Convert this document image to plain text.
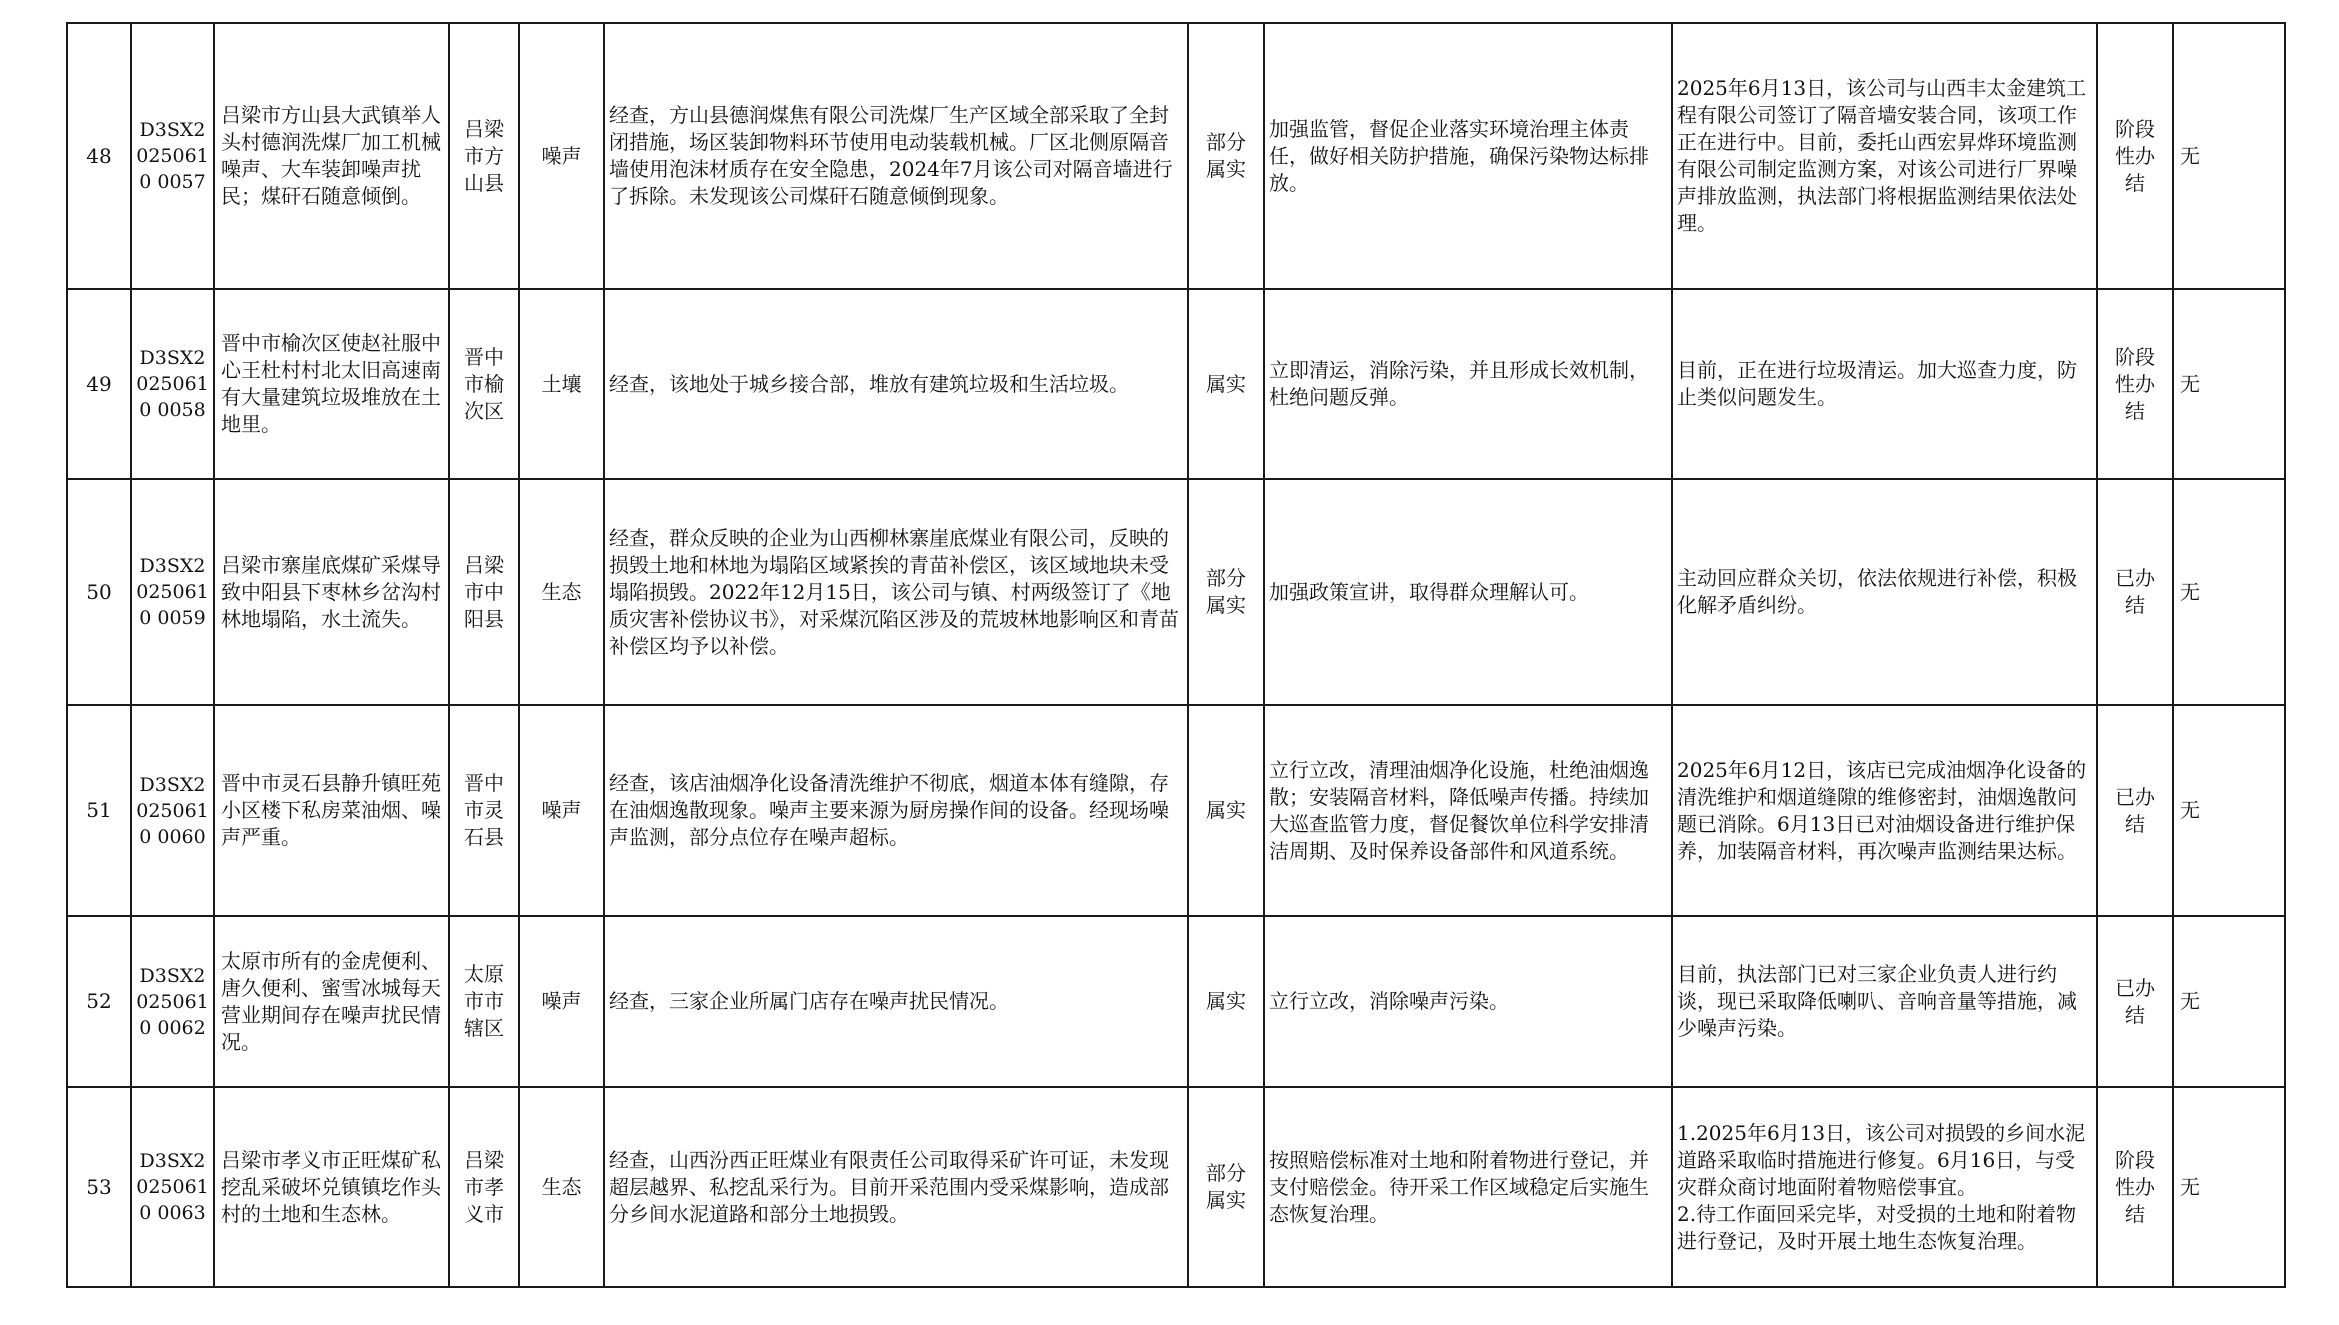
48	D3SX20250610 0057	吕梁市方山县大武镇举人头村德润洗煤厂加工机械噪声、大车装卸噪声扰民；煤矸石随意倾倒。	吕梁市方山县	噪声	经查，方山县德润煤焦有限公司洗煤厂生产区域全部采取了全封闭措施，场区装卸物料环节使用电动装载机械。厂区北侧原隔音墙使用泡沫材质存在安全隐患，2024年7月该公司对隔音墙进行了拆除。未发现该公司煤矸石随意倾倒现象。	部分属实	加强监管，督促企业落实环境治理主体责任，做好相关防护措施，确保污染物达标排放。	2025年6月13日，该公司与山西丰太金建筑工程有限公司签订了隔音墙安装合同，该项工作正在进行中。目前，委托山西宏昇烨环境监测有限公司制定监测方案，对该公司进行厂界噪声排放监测，执法部门将根据监测结果依法处理。	阶段性办结	无
49	D3SX20250610 0058	晋中市榆次区使赵社服中心王杜村村北太旧高速南有大量建筑垃圾堆放在土地里。	晋中市榆次区	土壤	经查，该地处于城乡接合部，堆放有建筑垃圾和生活垃圾。	属实	立即清运，消除污染，并且形成长效机制，杜绝问题反弹。	目前，正在进行垃圾清运。加大巡查力度，防止类似问题发生。	阶段性办结	无
50	D3SX20250610 0059	吕梁市寨崖底煤矿采煤导致中阳县下枣林乡岔沟村林地塌陷，水土流失。	吕梁市中阳县	生态	经查，群众反映的企业为山西柳林寨崖底煤业有限公司，反映的损毁土地和林地为塌陷区域紧挨的青苗补偿区，该区域地块未受塌陷损毁。2022年12月15日，该公司与镇、村两级签订了《地质灾害补偿协议书》，对采煤沉陷区涉及的荒坡林地影响区和青苗补偿区均予以补偿。	部分属实	加强政策宣讲，取得群众理解认可。	主动回应群众关切，依法依规进行补偿，积极化解矛盾纠纷。	已办结	无
51	D3SX20250610 0060	晋中市灵石县静升镇旺苑小区楼下私房菜油烟、噪声严重。	晋中市灵石县	噪声	经查，该店油烟净化设备清洗维护不彻底，烟道本体有缝隙，存在油烟逸散现象。噪声主要来源为厨房操作间的设备。经现场噪声监测，部分点位存在噪声超标。	属实	立行立改，清理油烟净化设施，杜绝油烟逸散；安装隔音材料，降低噪声传播。持续加大巡查监管力度，督促餐饮单位科学安排清洁周期、及时保养设备部件和风道系统。	2025年6月12日，该店已完成油烟净化设备的清洗维护和烟道缝隙的维修密封，油烟逸散问题已消除。6月13日已对油烟设备进行维护保养，加装隔音材料，再次噪声监测结果达标。	已办结	无
52	D3SX20250610 0062	太原市所有的金虎便利、唐久便利、蜜雪冰城每天营业期间存在噪声扰民情况。	太原市市辖区	噪声	经查，三家企业所属门店存在噪声扰民情况。	属实	立行立改，消除噪声污染。	目前，执法部门已对三家企业负责人进行约谈，现已采取降低喇叭、音响音量等措施，减少噪声污染。	已办结	无
53	D3SX20250610 0063	吕梁市孝义市正旺煤矿私挖乱采破坏兑镇镇圪作头村的土地和生态林。	吕梁市孝义市	生态	经查，山西汾西正旺煤业有限责任公司取得采矿许可证，未发现超层越界、私挖乱采行为。目前开采范围内受采煤影响，造成部分乡间水泥道路和部分土地损毁。	部分属实	按照赔偿标准对土地和附着物进行登记，并支付赔偿金。待开采工作区域稳定后实施生态恢复治理。	1.2025年6月13日，该公司对损毁的乡间水泥道路采取临时措施进行修复。6月16日，与受灾群众商讨地面附着物赔偿事宜。
2.待工作面回采完毕，对受损的土地和附着物进行登记，及时开展土地生态恢复治理。	阶段性办结	无
